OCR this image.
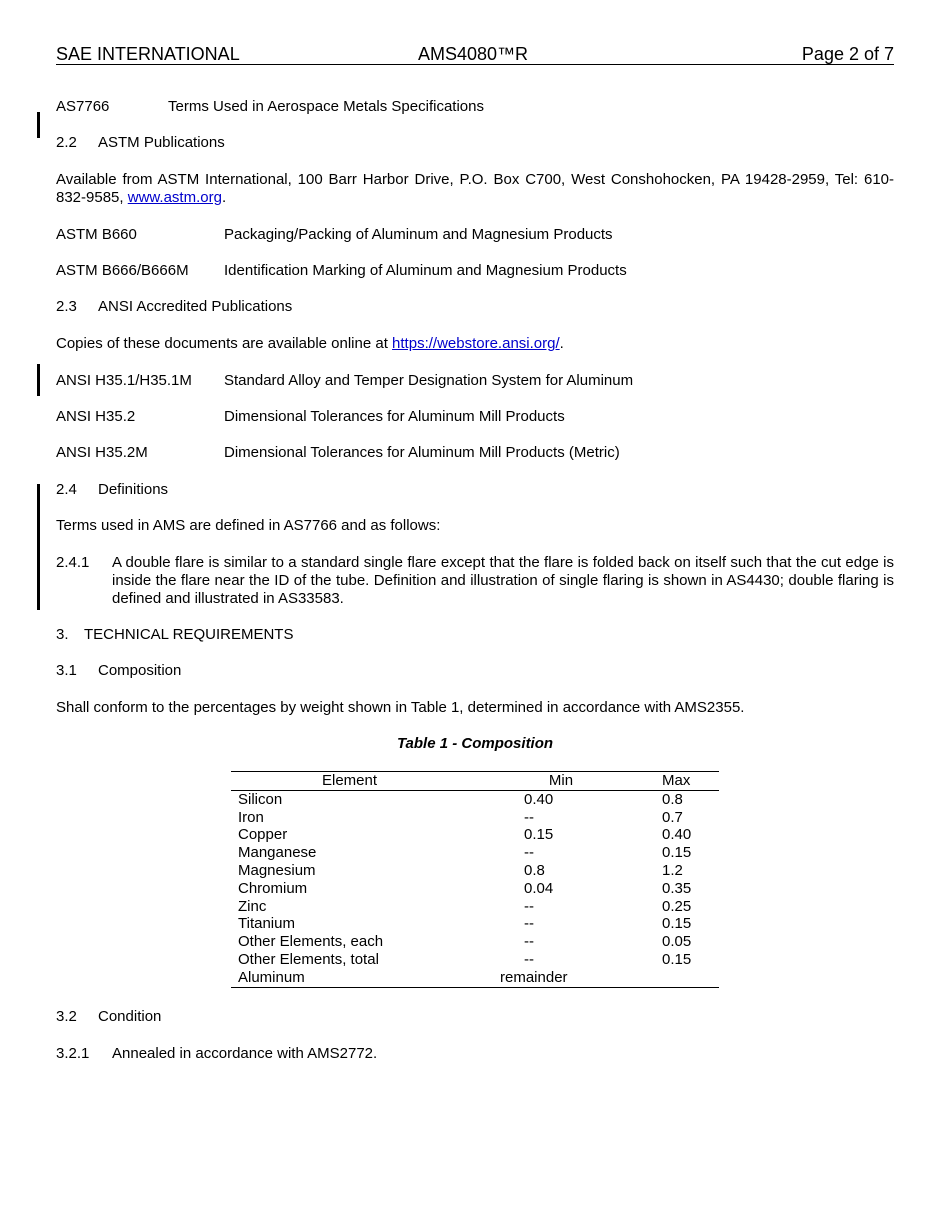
SAE INTERNATIONAL	AMS4080™R	Page 2 of 7
AS7766	Terms Used in Aerospace Metals Specifications
2.2 ASTM Publications
Available from ASTM International, 100 Barr Harbor Drive, P.O. Box C700, West Conshohocken, PA 19428-2959, Tel: 610-832-9585, www.astm.org.
ASTM B660	Packaging/Packing of Aluminum and Magnesium Products
ASTM B666/B666M Identification Marking of Aluminum and Magnesium Products
2.3 ANSI Accredited Publications
Copies of these documents are available online at https://webstore.ansi.org/.
ANSI H35.1/H35.1M Standard Alloy and Temper Designation System for Aluminum
ANSI H35.2	Dimensional Tolerances for Aluminum Mill Products
ANSI H35.2M	Dimensional Tolerances for Aluminum Mill Products (Metric)
2.4 Definitions
Terms used in AMS are defined in AS7766 and as follows:
2.4.1 A double flare is similar to a standard single flare except that the flare is folded back on itself such that the cut edge is inside the flare near the ID of the tube. Definition and illustration of single flaring is shown in AS4430; double flaring is defined and illustrated in AS33583.
3. TECHNICAL REQUIREMENTS
3.1 Composition
Shall conform to the percentages by weight shown in Table 1, determined in accordance with AMS2355.
Table 1 - Composition
Element	Min	Max
Silicon	0.40	0.8
Iron	--	0.7
Copper	0.15	0.40
Manganese	--	0.15
Magnesium	0.8	1.2
Chromium	0.04	0.35
Zinc	--	0.25
Titanium	--	0.15
Other Elements, each	--	0.05
Other Elements, total	--	0.15
Aluminum	remainder	
3.2 Condition
3.2.1 Annealed in accordance with AMS2772.
